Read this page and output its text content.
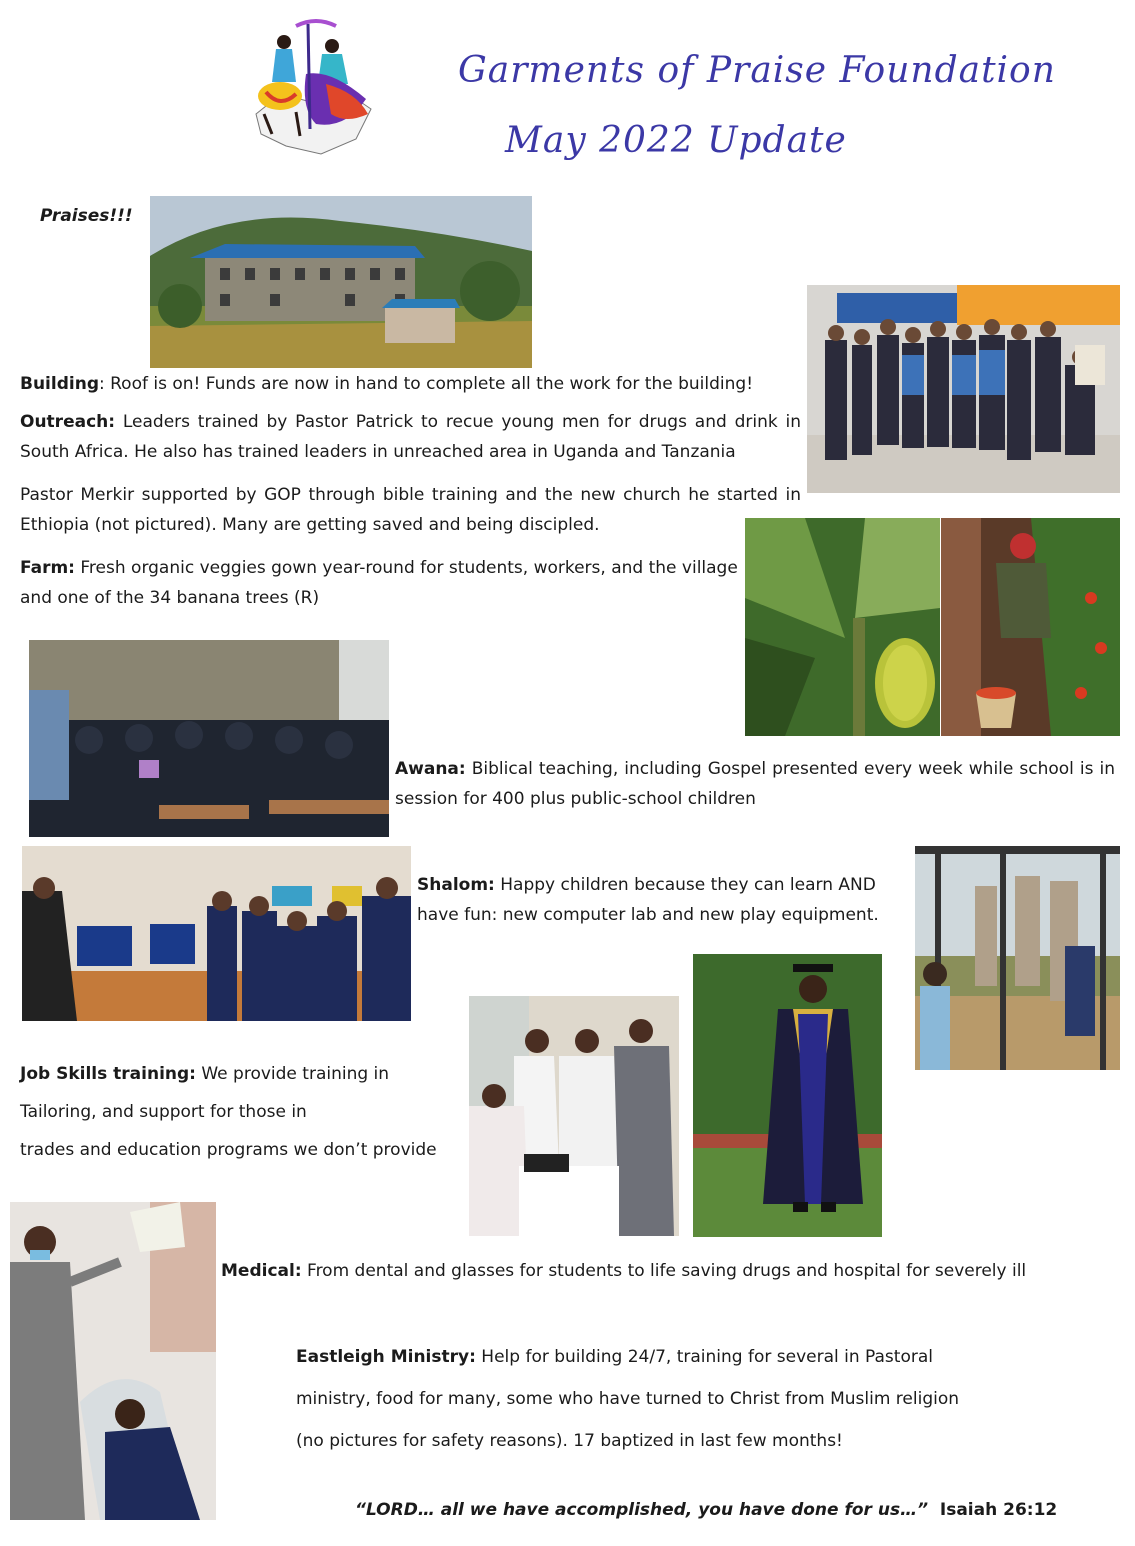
Garments of Praise Foundation
May 2022 Update
Praises!!!
Building: Roof is on! Funds are now in hand to complete all the work for the building!
Outreach: Leaders trained by Pastor Patrick to recue young men for drugs and drink in South Africa. He also has trained leaders in unreached area in Uganda and Tanzania
Pastor Merkir supported by GOP through bible training and the new church he started in Ethiopia (not pictured). Many are getting saved and being discipled.
Farm: Fresh organic veggies gown year-round for students, workers, and the village and one of the 34 banana trees (R)
Awana: Biblical teaching, including Gospel presented every week while school is in session for 400 plus public-school children
Shalom: Happy children because they can learn AND have fun: new computer lab and new play equipment.
Job Skills training: We provide training in
Tailoring, and support for those in
trades and education programs we don’t provide
Medical: From dental and glasses for students to life saving drugs and hospital for severely ill
Eastleigh Ministry: Help for building 24/7, training for several in Pastoral
ministry, food for many, some who have turned to Christ from Muslim religion
(no pictures for safety reasons). 17 baptized in last few months!
“LORD… all we have accomplished, you have done for us…” Isaiah 26:12
